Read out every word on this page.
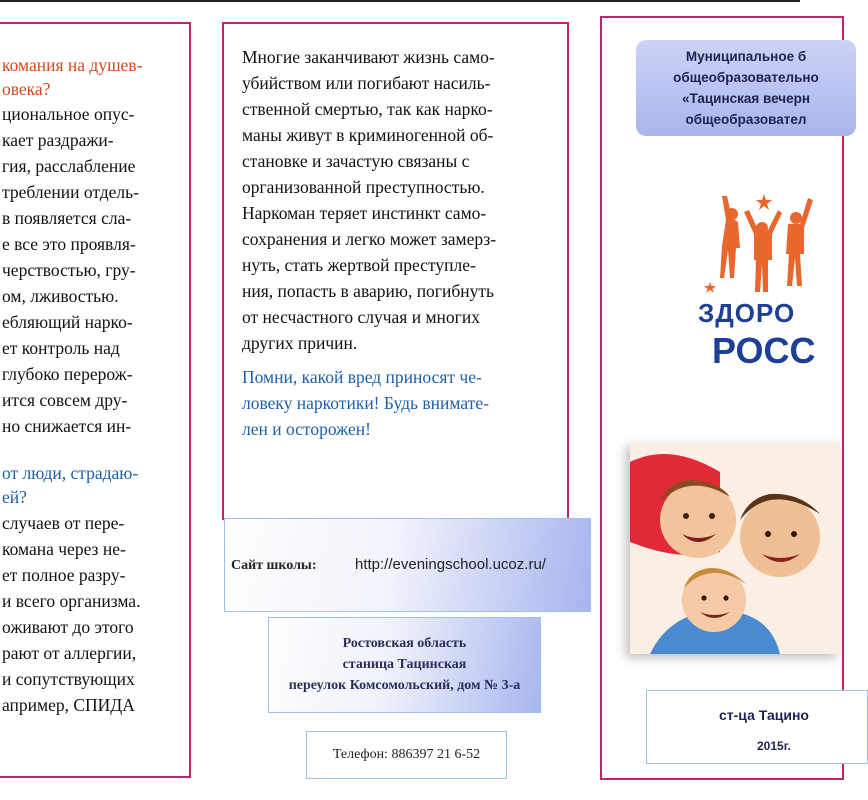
комания на душев-
овека?
циональное опус-
кает раздражи-
гия, расслабление
треблении отдель-
в появляется сла-
е все это проявля-
черствостью, гру-
ом, лживостью.
ебляющий нарко-
ет контроль над
глубоко перерож-
ится совсем дру-
но снижается ин-
от люди, страдаю-
ей?
случаев от пере-
комана через не-
ет полное разру-
и всего организма.
оживают до этого
рают от аллергии,
и сопутствующих
апример, СПИДА
Многие заканчивают жизнь само-
убийством или погибают насиль-
ственной смертью, так как нарко-
маны живут в криминогенной об-
становке и зачастую связаны с
организованной преступностью.
Наркоман теряет инстинкт само-
сохранения и легко может замерз-
нуть, стать жертвой преступле-
ния, попасть в аварию, погибнуть
от несчастного случая и многих
других причин.
Помни, какой вред приносят че-
ловеку наркотики! Будь внимате-
лен и осторожен!
Сайт школы:	http://eveningschool.ucoz.ru/
Ростовская область
станица Тацинская
переулок Комсомольский, дом № 3-а
Телефон: 886397 21 6-52
Муниципальное б
общеобразовательно
«Тацинская вечерн
общеобразовател
ЗДОРО
РОСС
ст-ца Тацино
2015г.
